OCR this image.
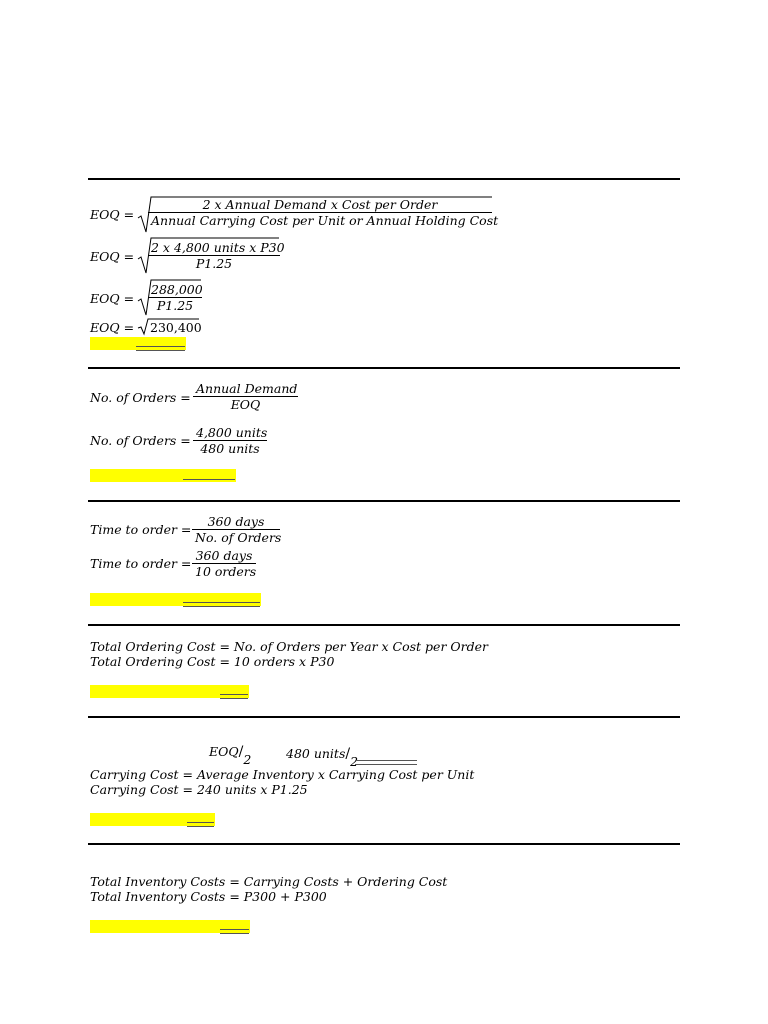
EOQ =
2 x Annual Demand x Cost per Order
Annual Carrying Cost per Unit or Annual Holding Cost
EOQ =
2 x 4,800 units x P30
P1.25
EOQ =
288,000
P1.25
EOQ = 230,400
No. of Orders =
Annual Demand
EOQ
No. of Orders =
4,800 units
480 units
Time to order =
360 days
No. of Orders
Time to order =
360 days
10 orders
Total Ordering Cost = No. of Orders per Year x Cost per Order
Total Ordering Cost = 10 orders x P30
EOQ/2	480 units/2
Carrying Cost = Average Inventory x Carrying Cost per Unit
Carrying Cost = 240 units x P1.25
Total Inventory Costs = Carrying Costs + Ordering Cost
Total Inventory Costs = P300 + P300
